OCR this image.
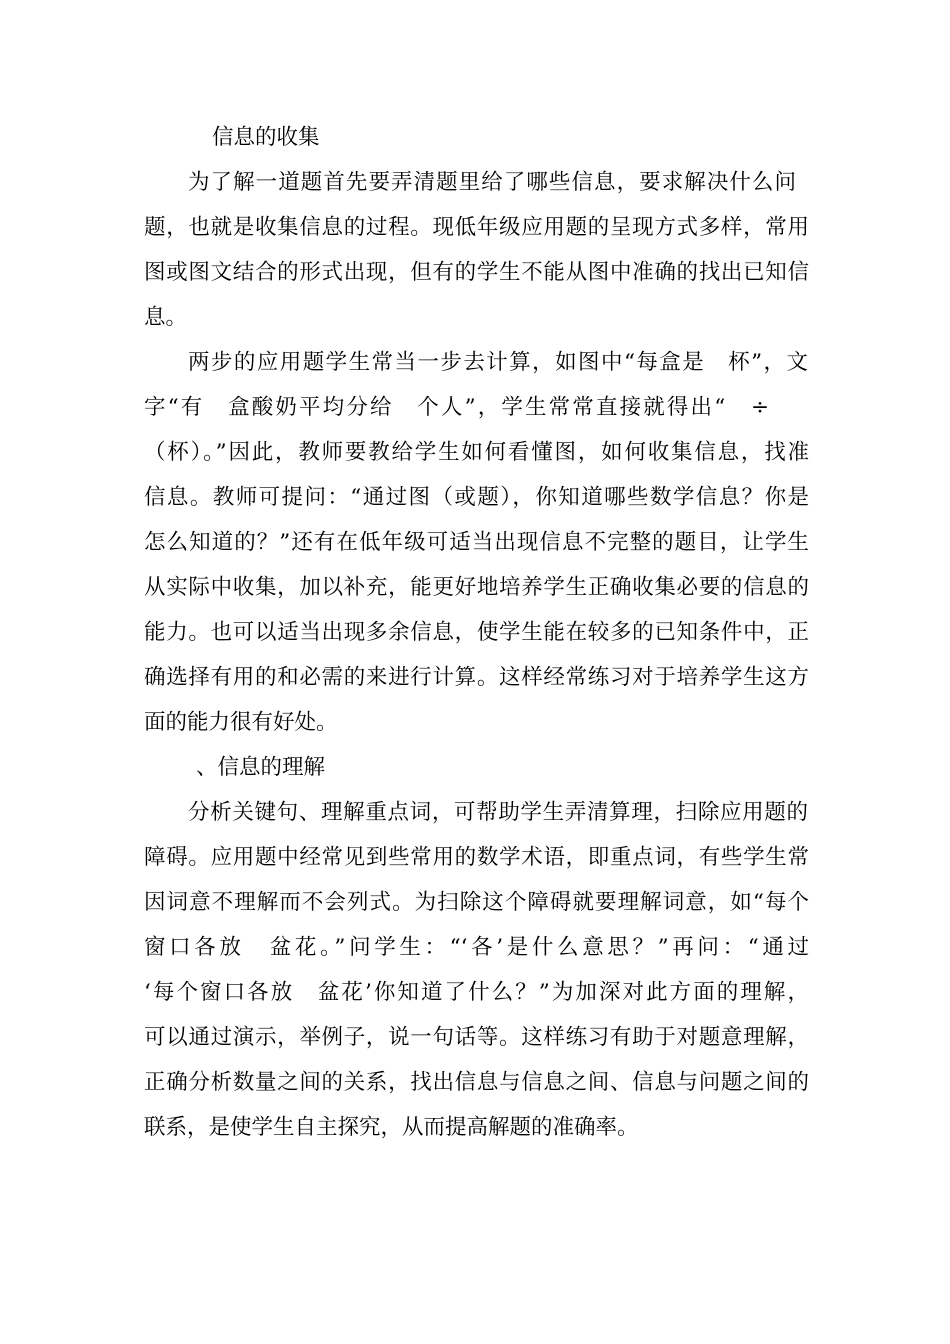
信息的收集
为了解一道题首先要弄清题里给了哪些信息，要求解决什么问
题，也就是收集信息的过程。现低年级应用题的呈现方式多样，常用
图或图文结合的形式出现，但有的学生不能从图中准确的找出已知信
息。
两步的应用题学生常当一步去计算，如图中“每盒是　杯”，文
字“有　盒酸奶平均分给　个人”，学生常常直接就得出“　÷
（杯）。”因此，教师要教给学生如何看懂图，如何收集信息，找准
信息。教师可提问：“通过图（或题），你知道哪些数学信息？你是
怎么知道的？”还有在低年级可适当出现信息不完整的题目，让学生
从实际中收集，加以补充，能更好地培养学生正确收集必要的信息的
能力。也可以适当出现多余信息，使学生能在较多的已知条件中，正
确选择有用的和必需的来进行计算。这样经常练习对于培养学生这方
面的能力很有好处。
、信息的理解
分析关键句、理解重点词，可帮助学生弄清算理，扫除应用题的
障碍。应用题中经常见到些常用的数学术语，即重点词，有些学生常
因词意不理解而不会列式。为扫除这个障碍就要理解词意，如“每个
窗口各放　盆花。”问学生：“‘各’是什么意思？”再问：“通过
‘每个窗口各放　盆花’你知道了什么？”为加深对此方面的理解，
可以通过演示，举例子，说一句话等。这样练习有助于对题意理解，
正确分析数量之间的关系，找出信息与信息之间、信息与问题之间的
联系，是使学生自主探究，从而提高解题的准确率。
